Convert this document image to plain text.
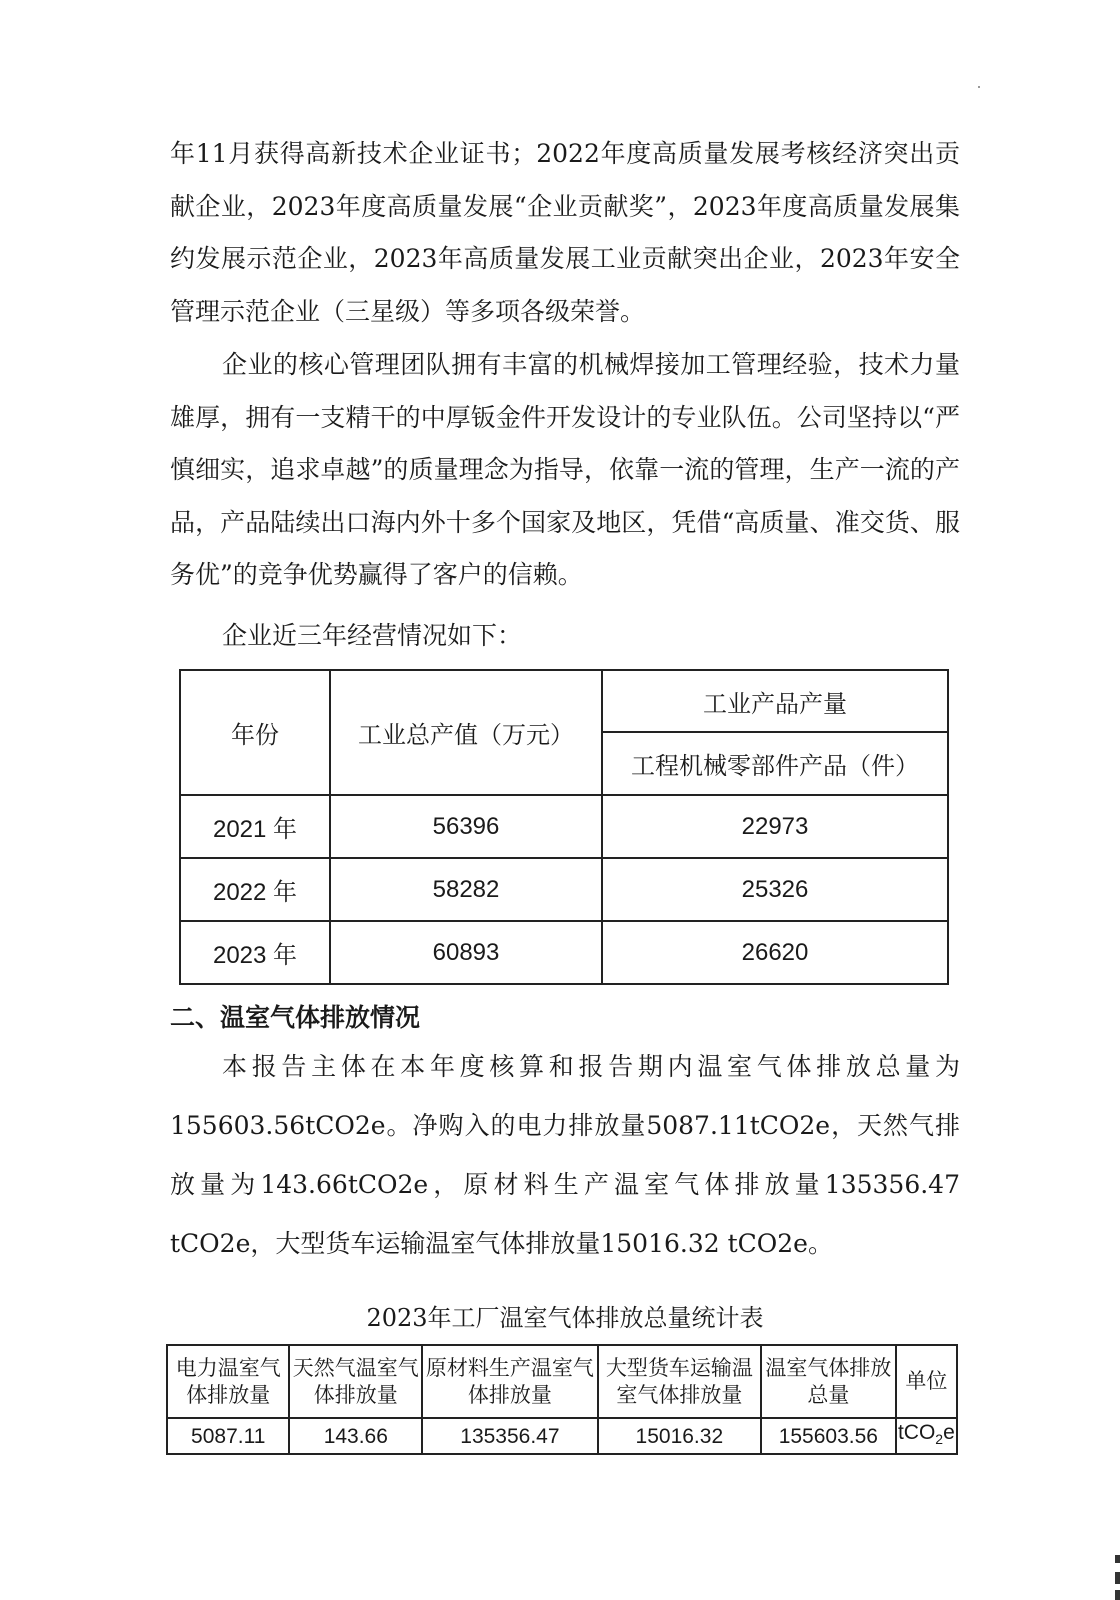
年11月获得高新技术企业证书；2022年度高质量发展考核经济突出贡献企业，2023年度高质量发展“企业贡献奖”，2023年度高质量发展集约发展示范企业，2023年高质量发展工业贡献突出企业，2023年安全管理示范企业（三星级）等多项各级荣誉。

企业的核心管理团队拥有丰富的机械焊接加工管理经验，技术力量雄厚，拥有一支精干的中厚钣金件开发设计的专业队伍。公司坚持以“严慎细实，追求卓越”的质量理念为指导，依靠一流的管理，生产一流的产品，产品陆续出口海内外十多个国家及地区，凭借“高质量、准交货、服务优”的竞争优势赢得了客户的信赖。

企业近三年经营情况如下：

年份	工业总产值（万元）	工业产品产量
		工程机械零部件产品（件）
2021 年	56396	22973
2022 年	58282	25326
2023 年	60893	26620

二、温室气体排放情况

本报告主体在本年度核算和报告期内温室气体排放总量为155603.56tCO2e。净购入的电力排放量5087.11tCO2e，天然气排放量为143.66tCO2e，原材料生产温室气体排放量135356.47 tCO2e，大型货车运输温室气体排放量15016.32 tCO2e。

2023年工厂温室气体排放总量统计表

电力温室气体排放量	天然气温室气体排放量	原材料生产温室气体排放量	大型货车运输温室气体排放量	温室气体排放总量	单位
5087.11	143.66	135356.47	15016.32	155603.56	tCO$_2$e
